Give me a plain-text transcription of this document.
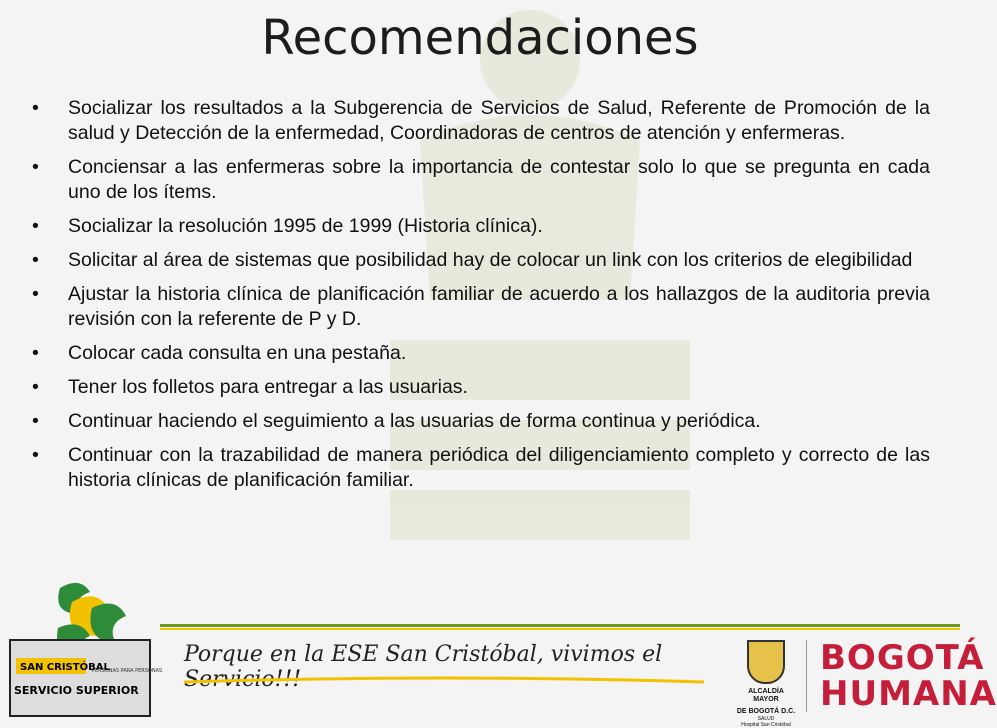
Recomendaciones
• Socializar los resultados a la Subgerencia de Servicios de Salud, Referente de Promoción de la salud y Detección de la enfermedad, Coordinadoras de centros de atención y enfermeras.
• Conciensar a las enfermeras sobre la importancia de contestar solo lo que se pregunta en cada uno de los ítems.
• Socializar la resolución 1995 de 1999 (Historia clínica).
• Solicitar al área de sistemas que posibilidad hay de colocar un link con los criterios de elegibilidad
• Ajustar la historia clínica de planificación familiar de acuerdo a los hallazgos de la auditoria previa revisión con la referente de P y D.
• Colocar cada consulta en una pestaña.
• Tener los folletos para entregar a las usuarias.
• Continuar haciendo el seguimiento a las usuarias de forma continua y periódica.
• Continuar con la trazabilidad de manera periódica del diligenciamiento completo y correcto de las historia clínicas de planificación familiar.
SAN CRISTÓBAL
SERVICIO SUPERIOR
PERSONAS PARA PERSONAS
Porque en la ESE San Cristóbal, vivimos el Servicio!!!	ALCALDÍA MAYOR
DE BOGOTÁ D.C.
SALUD
Hospital San Cristóbal
BOGOTÁ
HUMANA
